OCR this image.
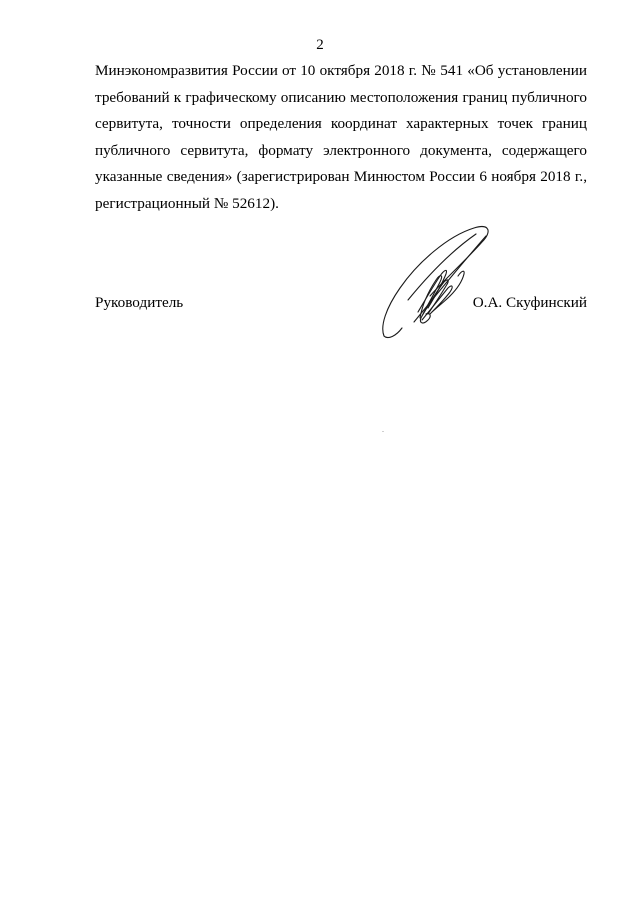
2
Минэкономразвития России от 10 октября 2018 г. № 541 «Об установлении
требований к графическому описанию местоположения границ публичного
сервитута, точности определения координат характерных точек границ
публичного сервитута, формату электронного документа, содержащего
указанные сведения» (зарегистрирован Минюстом России 6 ноября 2018 г.,
регистрационный № 52612).
Руководитель	О.А. Скуфинский
